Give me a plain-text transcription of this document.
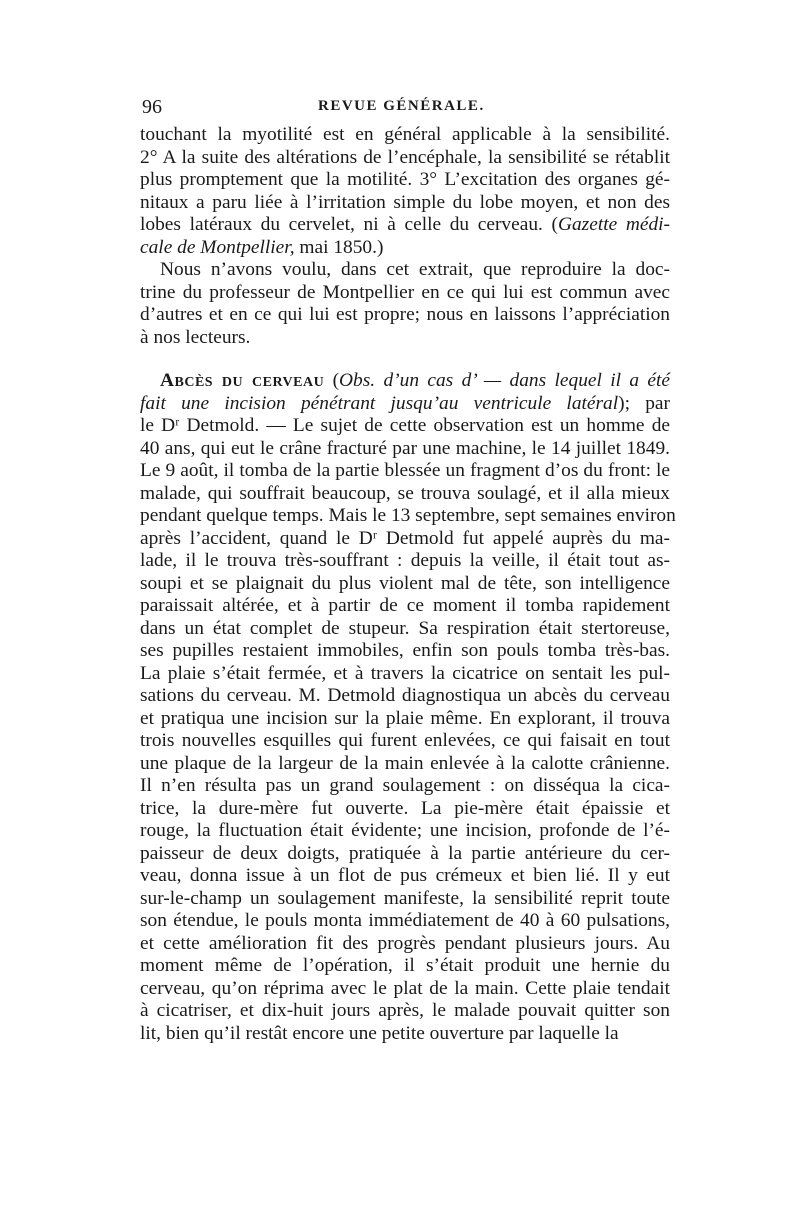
96	REVUE GÉNÉRALE.
touchant la myotilité est en général applicable à la sensibilité.
2° A la suite des altérations de l’encéphale, la sensibilité se rétablit
plus promptement que la motilité. 3° L’excitation des organes gé-
nitaux a paru liée à l’irritation simple du lobe moyen, et non des
lobes latéraux du cervelet, ni à celle du cerveau. (Gazette médi-
cale de Montpellier, mai 1850.)
Nous n’avons voulu, dans cet extrait, que reproduire la doc-
trine du professeur de Montpellier en ce qui lui est commun avec
d’autres et en ce qui lui est propre; nous en laissons l’appréciation
à nos lecteurs.
Abcès du cerveau (Obs. d’un cas d’ — dans lequel il a été
fait une incision pénétrant jusqu’au ventricule latéral); par
le Dʳ Detmold. — Le sujet de cette observation est un homme de
40 ans, qui eut le crâne fracturé par une machine, le 14 juillet 1849.
Le 9 août, il tomba de la partie blessée un fragment d’os du front: le
malade, qui souffrait beaucoup, se trouva soulagé, et il alla mieux
pendant quelque temps. Mais le 13 septembre, sept semaines environ
après l’accident, quand le Dʳ Detmold fut appelé auprès du ma-
lade, il le trouva très-souffrant : depuis la veille, il était tout as-
soupi et se plaignait du plus violent mal de tête, son intelligence
paraissait altérée, et à partir de ce moment il tomba rapidement
dans un état complet de stupeur. Sa respiration était stertoreuse,
ses pupilles restaient immobiles, enfin son pouls tomba très-bas.
La plaie s’était fermée, et à travers la cicatrice on sentait les pul-
sations du cerveau. M. Detmold diagnostiqua un abcès du cerveau
et pratiqua une incision sur la plaie même. En explorant, il trouva
trois nouvelles esquilles qui furent enlevées, ce qui faisait en tout
une plaque de la largeur de la main enlevée à la calotte crânienne.
Il n’en résulta pas un grand soulagement : on disséqua la cica-
trice, la dure-mère fut ouverte. La pie-mère était épaissie et
rouge, la fluctuation était évidente; une incision, profonde de l’é-
paisseur de deux doigts, pratiquée à la partie antérieure du cer-
veau, donna issue à un flot de pus crémeux et bien lié. Il y eut
sur-le-champ un soulagement manifeste, la sensibilité reprit toute
son étendue, le pouls monta immédiatement de 40 à 60 pulsations,
et cette amélioration fit des progrès pendant plusieurs jours. Au
moment même de l’opération, il s’était produit une hernie du
cerveau, qu’on réprima avec le plat de la main. Cette plaie tendait
à cicatriser, et dix-huit jours après, le malade pouvait quitter son
lit, bien qu’il restât encore une petite ouverture par laquelle la
